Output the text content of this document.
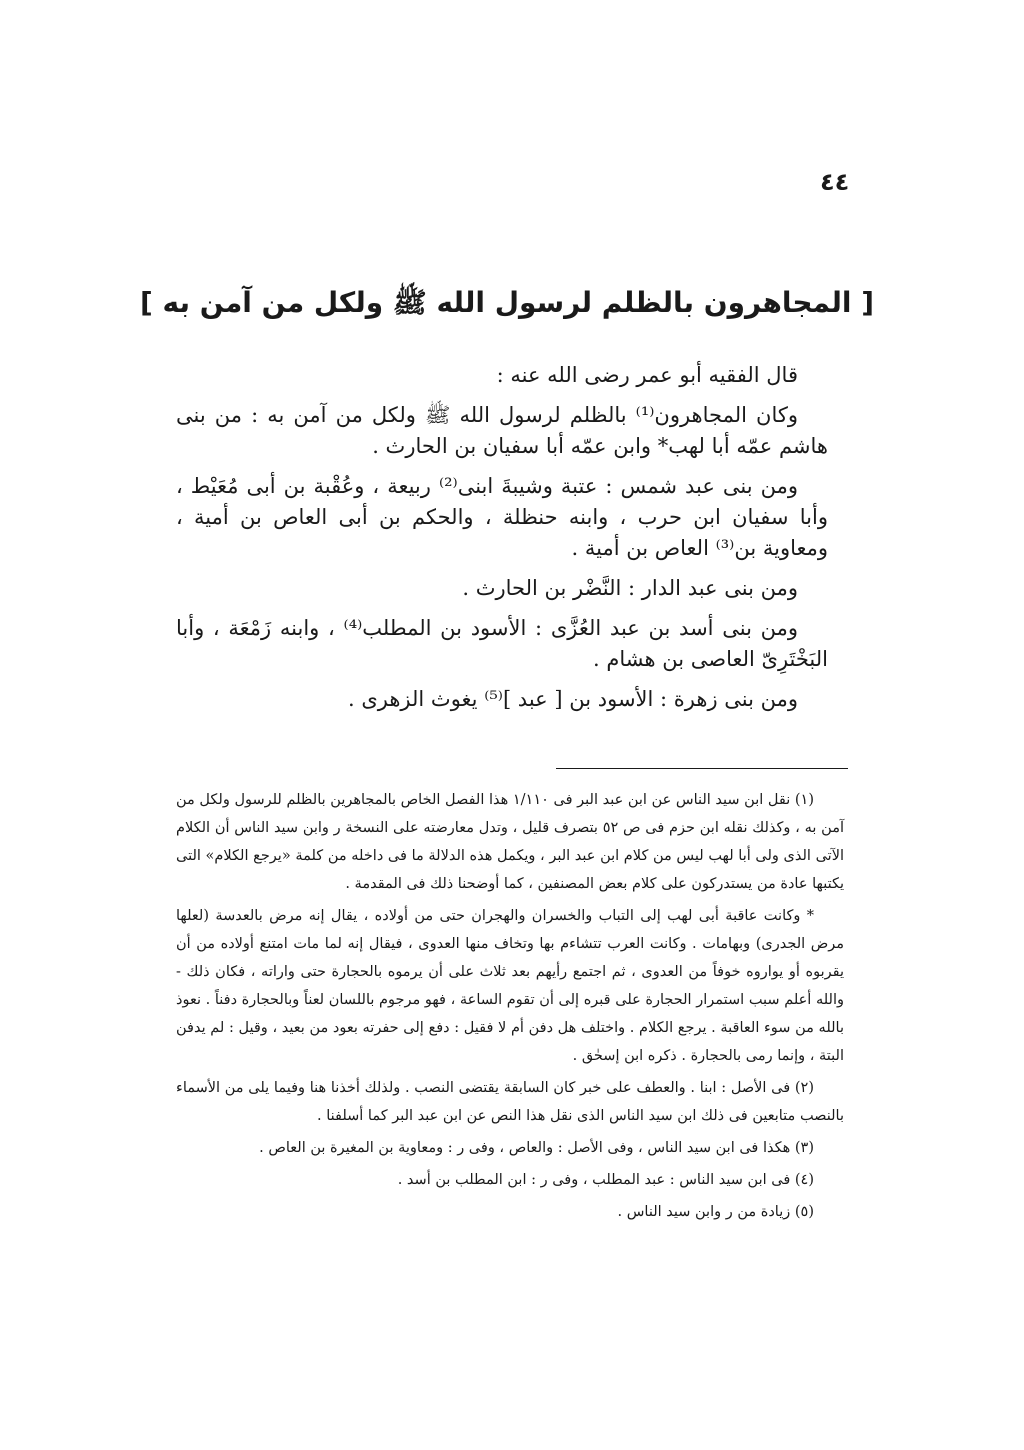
٤٤
[ المجاهرون بالظلم لرسول الله ﷺ ولكل من آمن به ]

قال الفقيه أبو عمر رضى الله عنه :

وكان المجاهرون⁽¹⁾ بالظلم لرسول الله ﷺ ولكل من آمن به : من بنى هاشم عمّه أبا لهب* وابن عمّه أبا سفيان بن الحارث .

ومن بنى عبد شمس : عتبة وشيبةَ ابنى⁽²⁾ ربيعة ، وعُقْبة بن أبى مُعَيْط ، وأبا سفيان ابن حرب ، وابنه حنظلة ، والحكم بن أبى العاص بن أمية ، ومعاوية بن⁽³⁾ العاص بن أمية .

ومن بنى عبد الدار : النَّضْر بن الحارث .

ومن بنى أسد بن عبد العُزَّى : الأسود بن المطلب⁽⁴⁾ ، وابنه زَمْعَة ، وأبا البَخْتَرِىّ العاصى بن هشام .

ومن بنى زهرة : الأسود بن [ عبد ]⁽⁵⁾ يغوث الزهرى .

(١) نقل ابن سيد الناس عن ابن عبد البر فى ١/١١٠ هذا الفصل الخاص بالمجاهرين بالظلم للرسول ولكل من آمن به ، وكذلك نقله ابن حزم فى ص ٥٢ بتصرف قليل ، وتدل معارضته على النسخة ر وابن سيد الناس أن الكلام الآتى الذى ولى أبا لهب ليس من كلام ابن عبد البر ، ويكمل هذه الدلالة ما فى داخله من كلمة «يرجع الكلام» التى يكتبها عادة من يستدركون على كلام بعض المصنفين ، كما أوضحنا ذلك فى المقدمة .

* وكانت عاقبة أبى لهب إلى التباب والخسران والهجران حتى من أولاده ، يقال إنه مرض بالعدسة (لعلها مرض الجدرى) وبهامات . وكانت العرب تتشاءم بها وتخاف منها العدوى ، فيقال إنه لما مات امتنع أولاده من أن يقربوه أو يواروه خوفاً من العدوى ، ثم اجتمع رأيهم بعد ثلاث على أن يرموه بالحجارة حتى واراته ، فكان ذلك - والله أعلم سبب استمرار الحجارة على قبره إلى أن تقوم الساعة ، فهو مرجوم باللسان لعناً وبالحجارة دفناً . نعوذ بالله من سوء العاقبة . يرجع الكلام . واختلف هل دفن أم لا فقيل : دفع إلى حفرته بعود من بعيد ، وقيل : لم يدفن البتة ، وإنما رمى بالحجارة . ذكره ابن إسحٰق .

(٢) فى الأصل : ابنا . والعطف على خبر كان السابقة يقتضى النصب . ولذلك أخذنا هنا وفيما يلى من الأسماء بالنصب متابعين فى ذلك ابن سيد الناس الذى نقل هذا النص عن ابن عبد البر كما أسلفنا .

(٣) هكذا فى ابن سيد الناس ، وفى الأصل : والعاص ، وفى ر : ومعاوية بن المغيرة بن العاص .

(٤) فى ابن سيد الناس : عبد المطلب ، وفى ر : ابن المطلب بن أسد .

(٥) زيادة من ر وابن سيد الناس .
